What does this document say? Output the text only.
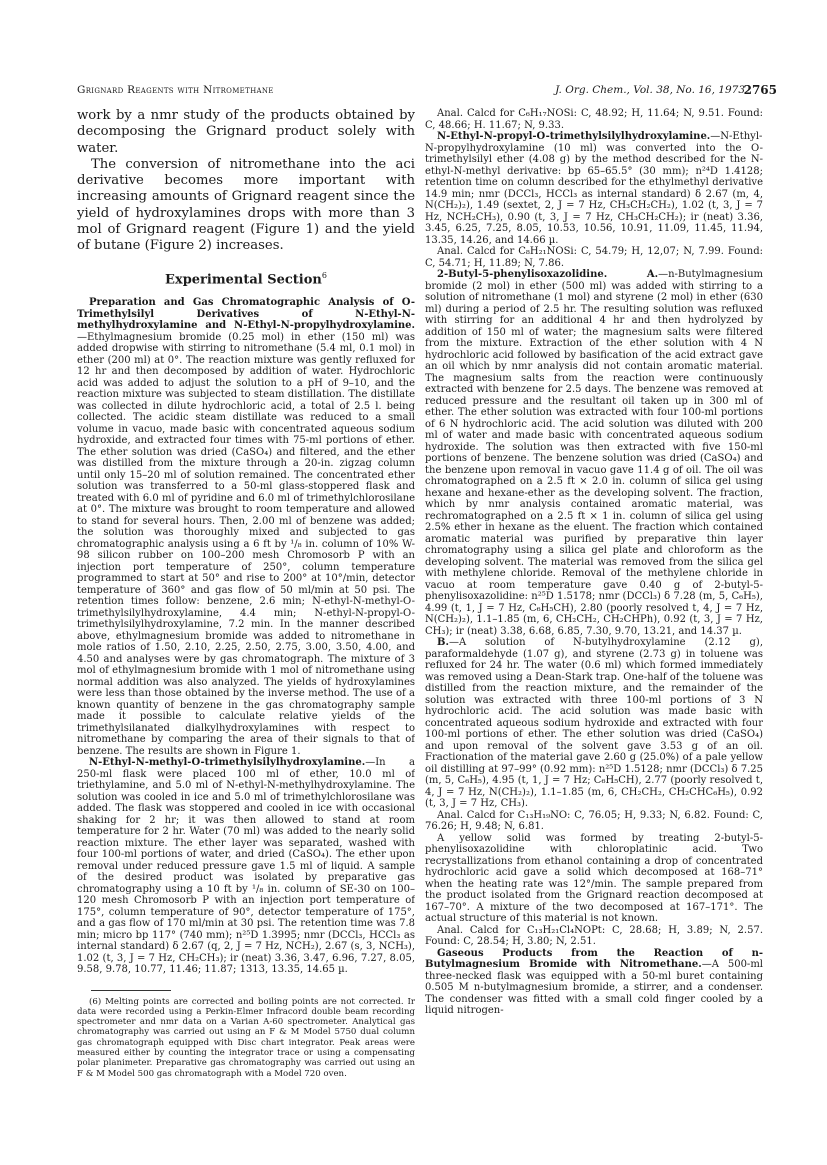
Grignard Reagents with Nitromethane	J. Org. Chem., Vol. 38, No. 16, 1973
2765

work by a nmr study of the products obtained by decomposing the Grignard product solely with water.

The conversion of nitromethane into the aci derivative becomes more important with increasing amounts of Grignard reagent since the yield of hydroxylamines drops with more than 3 mol of Grignard reagent (Figure 1) and the yield of butane (Figure 2) increases.

Experimental Section$^6$

Preparation and Gas Chromatographic Analysis of O-Trimethylsilyl Derivatives of N-Ethyl-N-methylhydroxylamine and N-Ethyl-N-propylhydroxylamine.—Ethylmagnesium bromide (0.25 mol) in ether (150 ml) was added dropwise with stirring to nitromethane (5.4 ml, 0.1 mol) in ether (200 ml) at 0°. The reaction mixture was gently refluxed for 12 hr and then decomposed by addition of water. Hydrochloric acid was added to adjust the solution to a pH of 9–10, and the reaction mixture was subjected to steam distillation. The distillate was collected in dilute hydrochloric acid, a total of 2.5 l. being collected. The acidic steam distillate was reduced to a small volume in vacuo, made basic with concentrated aqueous sodium hydroxide, and extracted four times with 75-ml portions of ether. The ether solution was dried (CaSO₄) and filtered, and the ether was distilled from the mixture through a 20-in. zigzag column until only 15–20 ml of solution remained. The concentrated ether solution was transferred to a 50-ml glass-stoppered flask and treated with 6.0 ml of pyridine and 6.0 ml of trimethylchlorosilane at 0°. The mixture was brought to room temperature and allowed to stand for several hours. Then, 2.00 ml of benzene was added; the solution was thoroughly mixed and subjected to gas chromatographic analysis using a 6 ft by ¹/₈ in. column of 10% W-98 silicon rubber on 100–200 mesh Chromosorb P with an injection port temperature of 250°, column temperature programmed to start at 50° and rise to 200° at 10°/min, detector temperature of 360° and gas flow of 50 ml/min at 50 psi. The retention times follow: benzene, 2.6 min; N-ethyl-N-methyl-O-trimethylsilylhydroxylamine, 4.4 min; N-ethyl-N-propyl-O-trimethylsilylhydroxylamine, 7.2 min. In the manner described above, ethylmagnesium bromide was added to nitromethane in mole ratios of 1.50, 2.10, 2.25, 2.50, 2.75, 3.00, 3.50, 4.00, and 4.50 and analyses were by gas chromatograph. The mixture of 3 mol of ethylmagnesium bromide with 1 mol of nitromethane using normal addition was also analyzed. The yields of hydroxylamines were less than those obtained by the inverse method. The use of a known quantity of benzene in the gas chromatography sample made it possible to calculate relative yields of the trimethylsilanated dialkylhydroxylamines with respect to nitromethane by comparing the area of their signals to that of benzene. The results are shown in Figure 1.

N-Ethyl-N-methyl-O-trimethylsilylhydroxylamine.—In a 250-ml flask were placed 100 ml of ether, 10.0 ml of triethylamine, and 5.0 ml of N-ethyl-N-methylhydroxylamine. The solution was cooled in ice and 5.0 ml of trimethylchlorosilane was added. The flask was stoppered and cooled in ice with occasional shaking for 2 hr; it was then allowed to stand at room temperature for 2 hr. Water (70 ml) was added to the nearly solid reaction mixture. The ether layer was separated, washed with four 100-ml portions of water, and dried (CaSO₄). The ether upon removal under reduced pressure gave 1.5 ml of liquid. A sample of the desired product was isolated by preparative gas chromatography using a 10 ft by ¹/₈ in. column of SE-30 on 100–120 mesh Chromosorb P with an injection port temperature of 175°, column temperature of 90°, detector temperature of 175°, and a gas flow of 170 ml/min at 30 psi. The retention time was 7.8 min; micro bp 117° (740 mm); n²⁵D 1.3995; nmr (DCCl₃, HCCl₃ as internal standard) δ 2.67 (q, 2, J = 7 Hz, NCH₂), 2.67 (s, 3, NCH₃), 1.02 (t, 3, J = 7 Hz, CH₂CH₃); ir (neat) 3.36, 3.47, 6.96, 7.27, 8.05, 9.58, 9.78, 10.77, 11.46; 11.87; 1313, 13.35, 14.65 µ.

(6) Melting points are corrected and boiling points are not corrected. Ir data were recorded using a Perkin-Elmer Infracord double beam recording spectrometer and nmr data on a Varian A-60 spectrometer. Analytical gas chromatography was carried out using an F & M Model 5750 dual column gas chromatograph equipped with Disc chart integrator. Peak areas were measured either by counting the integrator trace or using a compensating polar planimeter. Preparative gas chromatography was carried out using an F & M Model 500 gas chromatograph with a Model 720 oven.

Anal. Calcd for C₆H₁₇NOSi: C, 48.92; H, 11.64; N, 9.51. Found: C, 48.66; H. 11.67; N, 9.33.

N-Ethyl-N-propyl-O-trimethylsilylhydroxylamine.—N-Ethyl-N-propylhydroxylamine (10 ml) was converted into the O-trimethylsilyl ether (4.08 g) by the method described for the N-ethyl-N-methyl derivative: bp 65–65.5° (30 mm); n²⁴D 1.4128; retention time on column described for the ethylmethyl derivative 14.9 min; nmr (DCCl₃, HCCl₃ as internal standard) δ 2.67 (m, 4, N(CH₂)₂), 1.49 (sextet, 2, J = 7 Hz, CH₃CH₂CH₂), 1.02 (t, 3, J = 7 Hz, NCH₂CH₃), 0.90 (t, 3, J = 7 Hz, CH₃CH₂CH₂); ir (neat) 3.36, 3.45, 6.25, 7.25, 8.05, 10.53, 10.56, 10.91, 11.09, 11.45, 11.94, 13.35, 14.26, and 14.66 µ.

Anal. Calcd for C₈H₂₁NOSi: C, 54.79; H, 12,07; N, 7.99. Found: C, 54.71; H, 11.89; N, 7.86.

2-Butyl-5-phenylisoxazolidine. A.—n-Butylmagnesium bromide (2 mol) in ether (500 ml) was added with stirring to a solution of nitromethane (1 mol) and styrene (2 mol) in ether (630 ml) during a period of 2.5 hr. The resulting solution was refluxed with stirring for an additional 4 hr and then hydrolyzed by addition of 150 ml of water; the magnesium salts were filtered from the mixture. Extraction of the ether solution with 4 N hydrochloric acid followed by basification of the acid extract gave an oil which by nmr analysis did not contain aromatic material. The magnesium salts from the reaction were continuously extracted with benzene for 2.5 days. The benzene was removed at reduced pressure and the resultant oil taken up in 300 ml of ether. The ether solution was extracted with four 100-ml portions of 6 N hydrochloric acid. The acid solution was diluted with 200 ml of water and made basic with concentrated aqueous sodium hydroxide. The solution was then extracted with five 150-ml portions of benzene. The benzene solution was dried (CaSO₄) and the benzene upon removal in vacuo gave 11.4 g of oil. The oil was chromatographed on a 2.5 ft × 2.0 in. column of silica gel using hexane and hexane-ether as the developing solvent. The fraction, which by nmr analysis contained aromatic material, was rechromatographed on a 2.5 ft × 1 in. column of silica gel using 2.5% ether in hexane as the eluent. The fraction which contained aromatic material was purified by preparative thin layer chromatography using a silica gel plate and chloroform as the developing solvent. The material was removed from the silica gel with methylene chloride. Removal of the methylene chloride in vacuo at room temperature gave 0.40 g of 2-butyl-5-phenylisoxazolidine: n²⁵D 1.5178; nmr (DCCl₃) δ 7.28 (m, 5, C₆H₅), 4.99 (t, 1, J = 7 Hz, C₆H₅CH), 2.80 (poorly resolved t, 4, J = 7 Hz, N(CH₂)₂), 1.1–1.85 (m, 6, CH₂CH₂, CH₂CHPh), 0.92 (t, 3, J = 7 Hz, CH₃); ir (neat) 3.38, 6.68, 6.85, 7.30, 9.70, 13.21, and 14.37 µ.

B.—A solution of N-butylhydroxylamine (2.12 g), paraformaldehyde (1.07 g), and styrene (2.73 g) in toluene was refluxed for 24 hr. The water (0.6 ml) which formed immediately was removed using a Dean-Stark trap. One-half of the toluene was distilled from the reaction mixture, and the remainder of the solution was extracted with three 100-ml portions of 3 N hydrochloric acid. The acid solution was made basic with concentrated aqueous sodium hydroxide and extracted with four 100-ml portions of ether. The ether solution was dried (CaSO₄) and upon removal of the solvent gave 3.53 g of an oil. Fractionation of the material gave 2.60 g (25.0%) of a pale yellow oil distilling at 97–99° (0.92 mm): n²⁵D 1.5128; nmr (DCCl₃) δ 7.25 (m, 5, C₆H₅), 4.95 (t, 1, J = 7 Hz; C₆H₅CH), 2.77 (poorly resolved t, 4, J = 7 Hz, N(CH₂)₂), 1.1–1.85 (m, 6, CH₂CH₂, CH₂CHC₆H₅), 0.92 (t, 3, J = 7 Hz, CH₃).

Anal. Calcd for C₁₃H₁₉NO: C, 76.05; H, 9.33; N, 6.82. Found: C, 76.26; H, 9.48; N, 6.81.

A yellow solid was formed by treating 2-butyl-5-phenylisoxazolidine with chloroplatinic acid. Two recrystallizations from ethanol containing a drop of concentrated hydrochloric acid gave a solid which decomposed at 168–71° when the heating rate was 12°/min. The sample prepared from the product isolated from the Grignard reaction decomposed at 167–70°. A mixture of the two decomposed at 167–171°. The actual structure of this material is not known.

Anal. Calcd for C₁₃H₂₁Cl₄NOPt: C, 28.68; H, 3.89; N, 2.57. Found: C, 28.54; H, 3.80; N, 2.51.

Gaseous Products from the Reaction of n-Butylmagnesium Bromide with Nitromethane.—A 500-ml three-necked flask was equipped with a 50-ml buret containing 0.505 M n-butylmagnesium bromide, a stirrer, and a condenser. The condenser was fitted with a small cold finger cooled by a liquid nitrogen-
